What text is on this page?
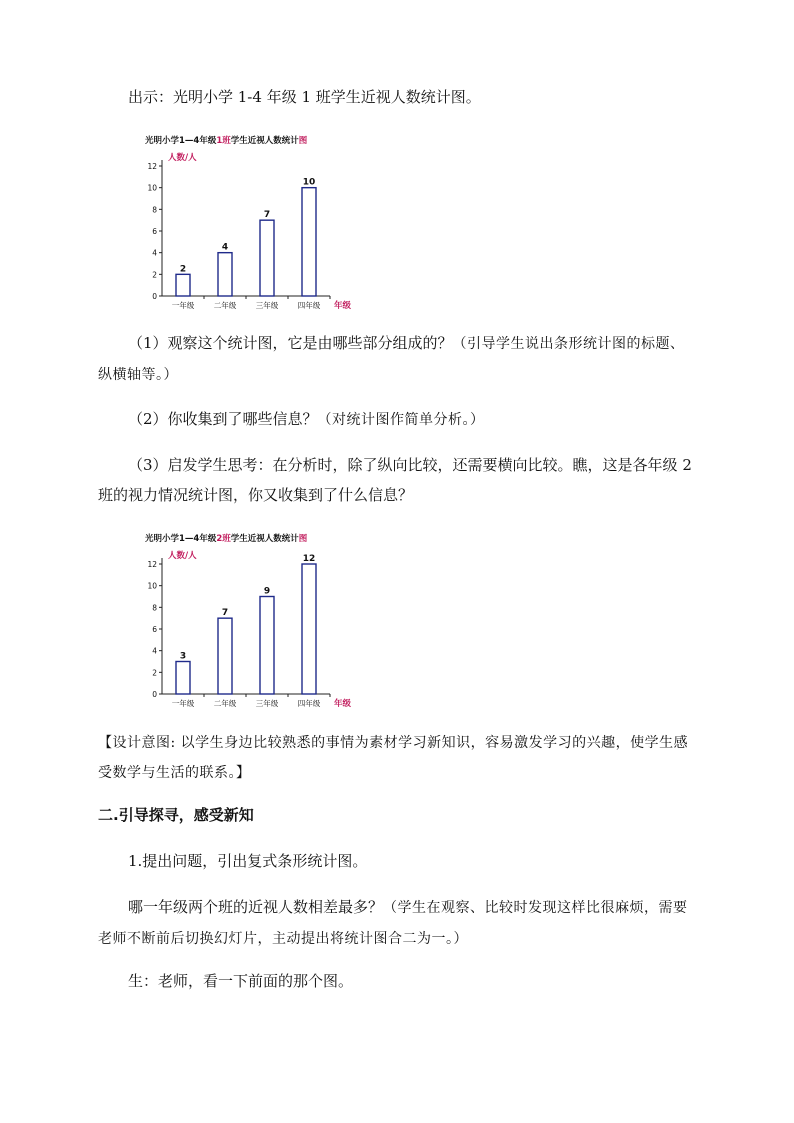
出示：光明小学 1-4 年级 1 班学生近视人数统计图。

光明小学1—4年级1班学生近视人数统计图
人数/人
年级
0
2
4
6
8
10
12
一年级
2
二年级
4
三年级
7
四年级
10

（1）观察这个统计图，它是由哪些部分组成的？（引导学生说出条形统计图的标题、纵横轴等。）

（2）你收集到了哪些信息？（对统计图作简单分析。）

（3）启发学生思考：在分析时，除了纵向比较，还需要横向比较。瞧，这是各年级 2 班的视力情况统计图，你又收集到了什么信息？

光明小学1—4年级2班学生近视人数统计图
人数/人
年级
0
2
4
6
8
10
12
一年级
3
二年级
7
三年级
9
四年级
12

【设计意图: 以学生身边比较熟悉的事情为素材学习新知识，容易激发学习的兴趣，使学生感受数学与生活的联系。】

二.引导探寻，感受新知

1.提出问题，引出复式条形统计图。

哪一年级两个班的近视人数相差最多？（学生在观察、比较时发现这样比很麻烦，需要老师不断前后切换幻灯片，主动提出将统计图合二为一。）

生：老师，看一下前面的那个图。
